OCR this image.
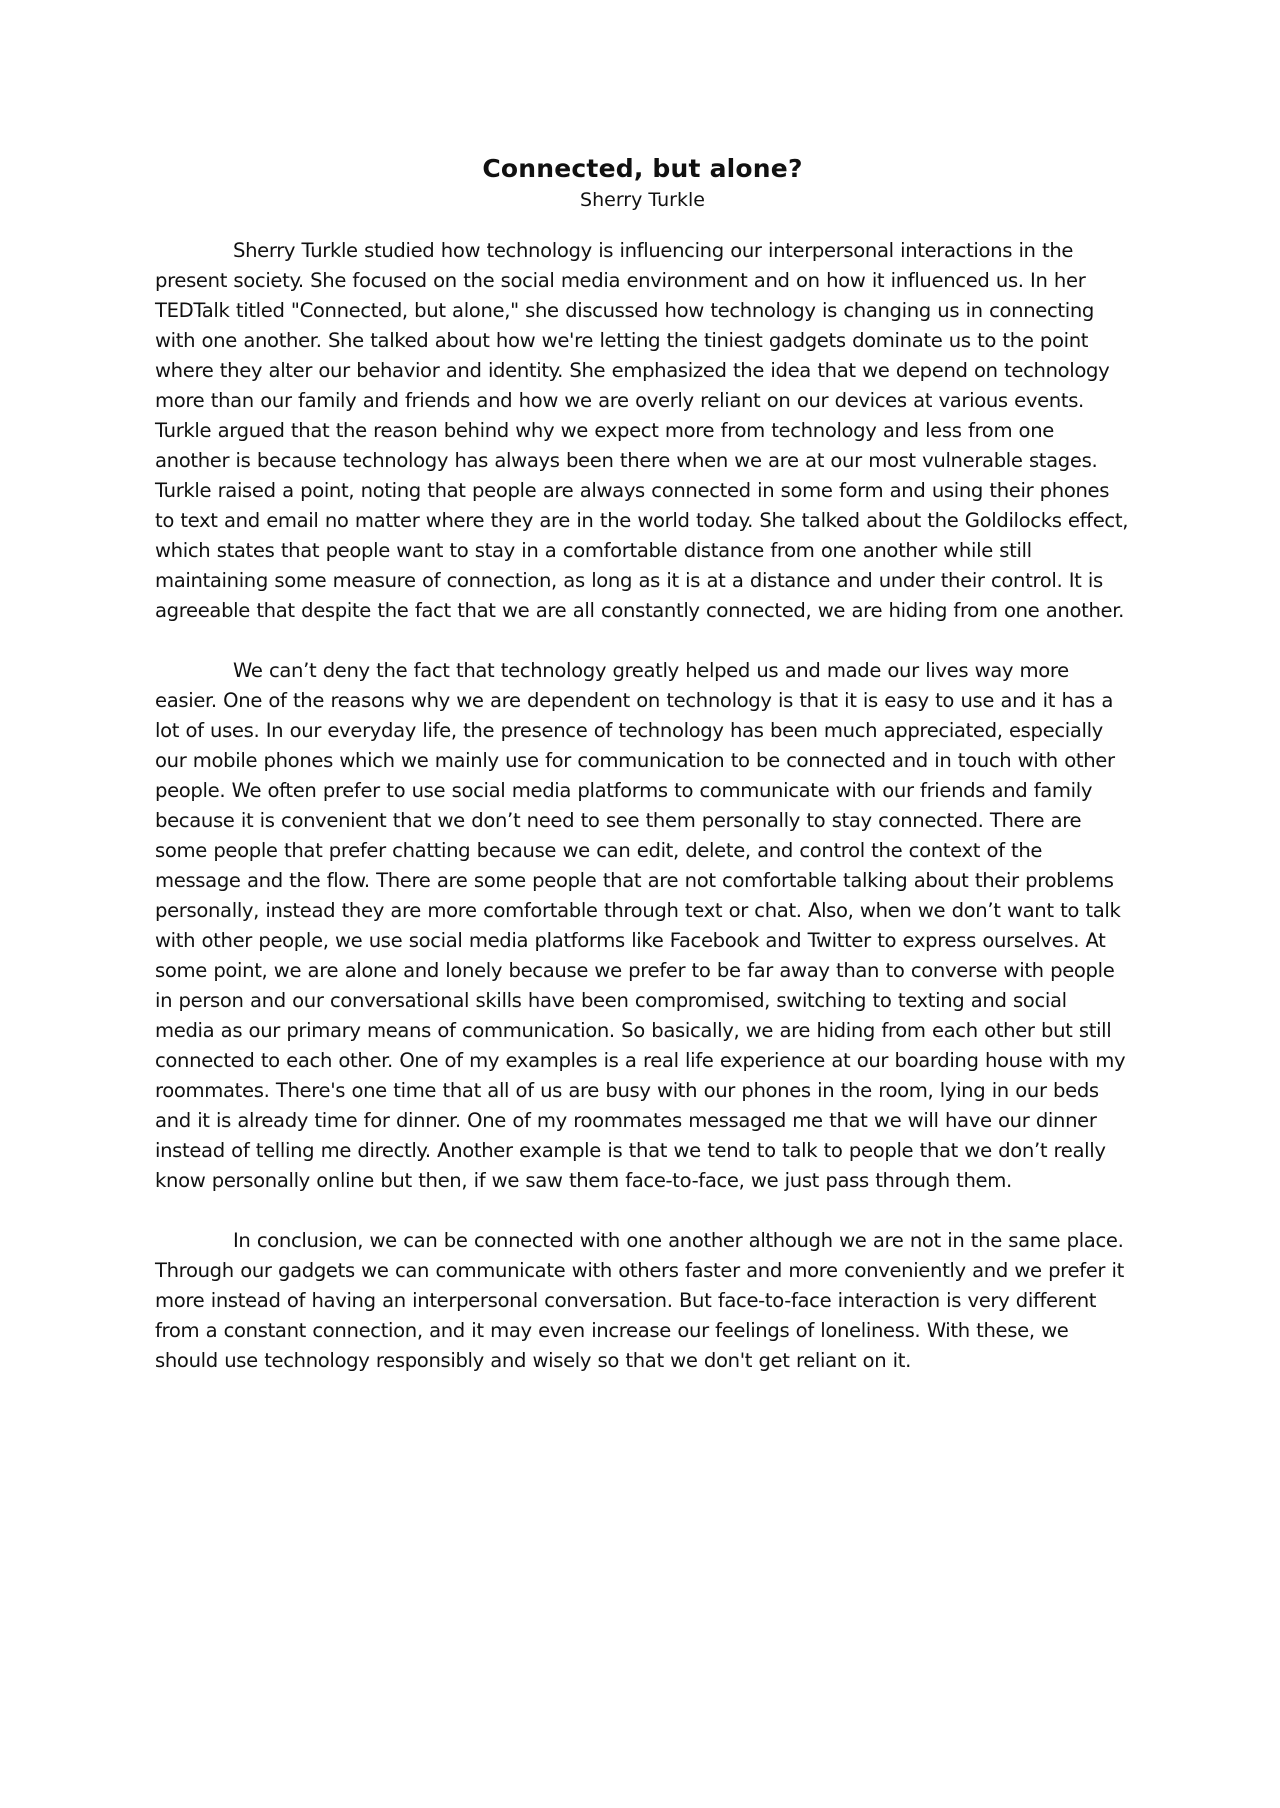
Connected, but alone?

Sherry Turkle

Sherry Turkle studied how technology is influencing our interpersonal interactions in the present society. She focused on the social media environment and on how it influenced us. In her TEDTalk titled "Connected, but alone," she discussed how technology is changing us in connecting with one another. She talked about how we're letting the tiniest gadgets dominate us to the point where they alter our behavior and identity. She emphasized the idea that we depend on technology more than our family and friends and how we are overly reliant on our devices at various events. Turkle argued that the reason behind why we expect more from technology and less from one another is because technology has always been there when we are at our most vulnerable stages. Turkle raised a point, noting that people are always connected in some form and using their phones to text and email no matter where they are in the world today. She talked about the Goldilocks effect, which states that people want to stay in a comfortable distance from one another while still maintaining some measure of connection, as long as it is at a distance and under their control. It is agreeable that despite the fact that we are all constantly connected, we are hiding from one another.

We can’t deny the fact that technology greatly helped us and made our lives way more easier. One of the reasons why we are dependent on technology is that it is easy to use and it has a lot of uses. In our everyday life, the presence of technology has been much appreciated, especially our mobile phones which we mainly use for communication to be connected and in touch with other people. We often prefer to use social media platforms to communicate with our friends and family because it is convenient that we don’t need to see them personally to stay connected. There are some people that prefer chatting because we can edit, delete, and control the context of the message and the flow. There are some people that are not comfortable talking about their problems personally, instead they are more comfortable through text or chat. Also, when we don’t want to talk with other people, we use social media platforms like Facebook and Twitter to express ourselves. At some point, we are alone and lonely because we prefer to be far away than to converse with people in person and our conversational skills have been compromised, switching to texting and social media as our primary means of communication. So basically, we are hiding from each other but still connected to each other. One of my examples is a real life experience at our boarding house with my roommates. There's one time that all of us are busy with our phones in the room, lying in our beds and it is already time for dinner. One of my roommates messaged me that we will have our dinner instead of telling me directly. Another example is that we tend to talk to people that we don’t really know personally online but then, if we saw them face-to-face, we just pass through them.

In conclusion, we can be connected with one another although we are not in the same place. Through our gadgets we can communicate with others faster and more conveniently and we prefer it more instead of having an interpersonal conversation. But face-to-face interaction is very different from a constant connection, and it may even increase our feelings of loneliness. With these, we should use technology responsibly and wisely so that we don't get reliant on it.
